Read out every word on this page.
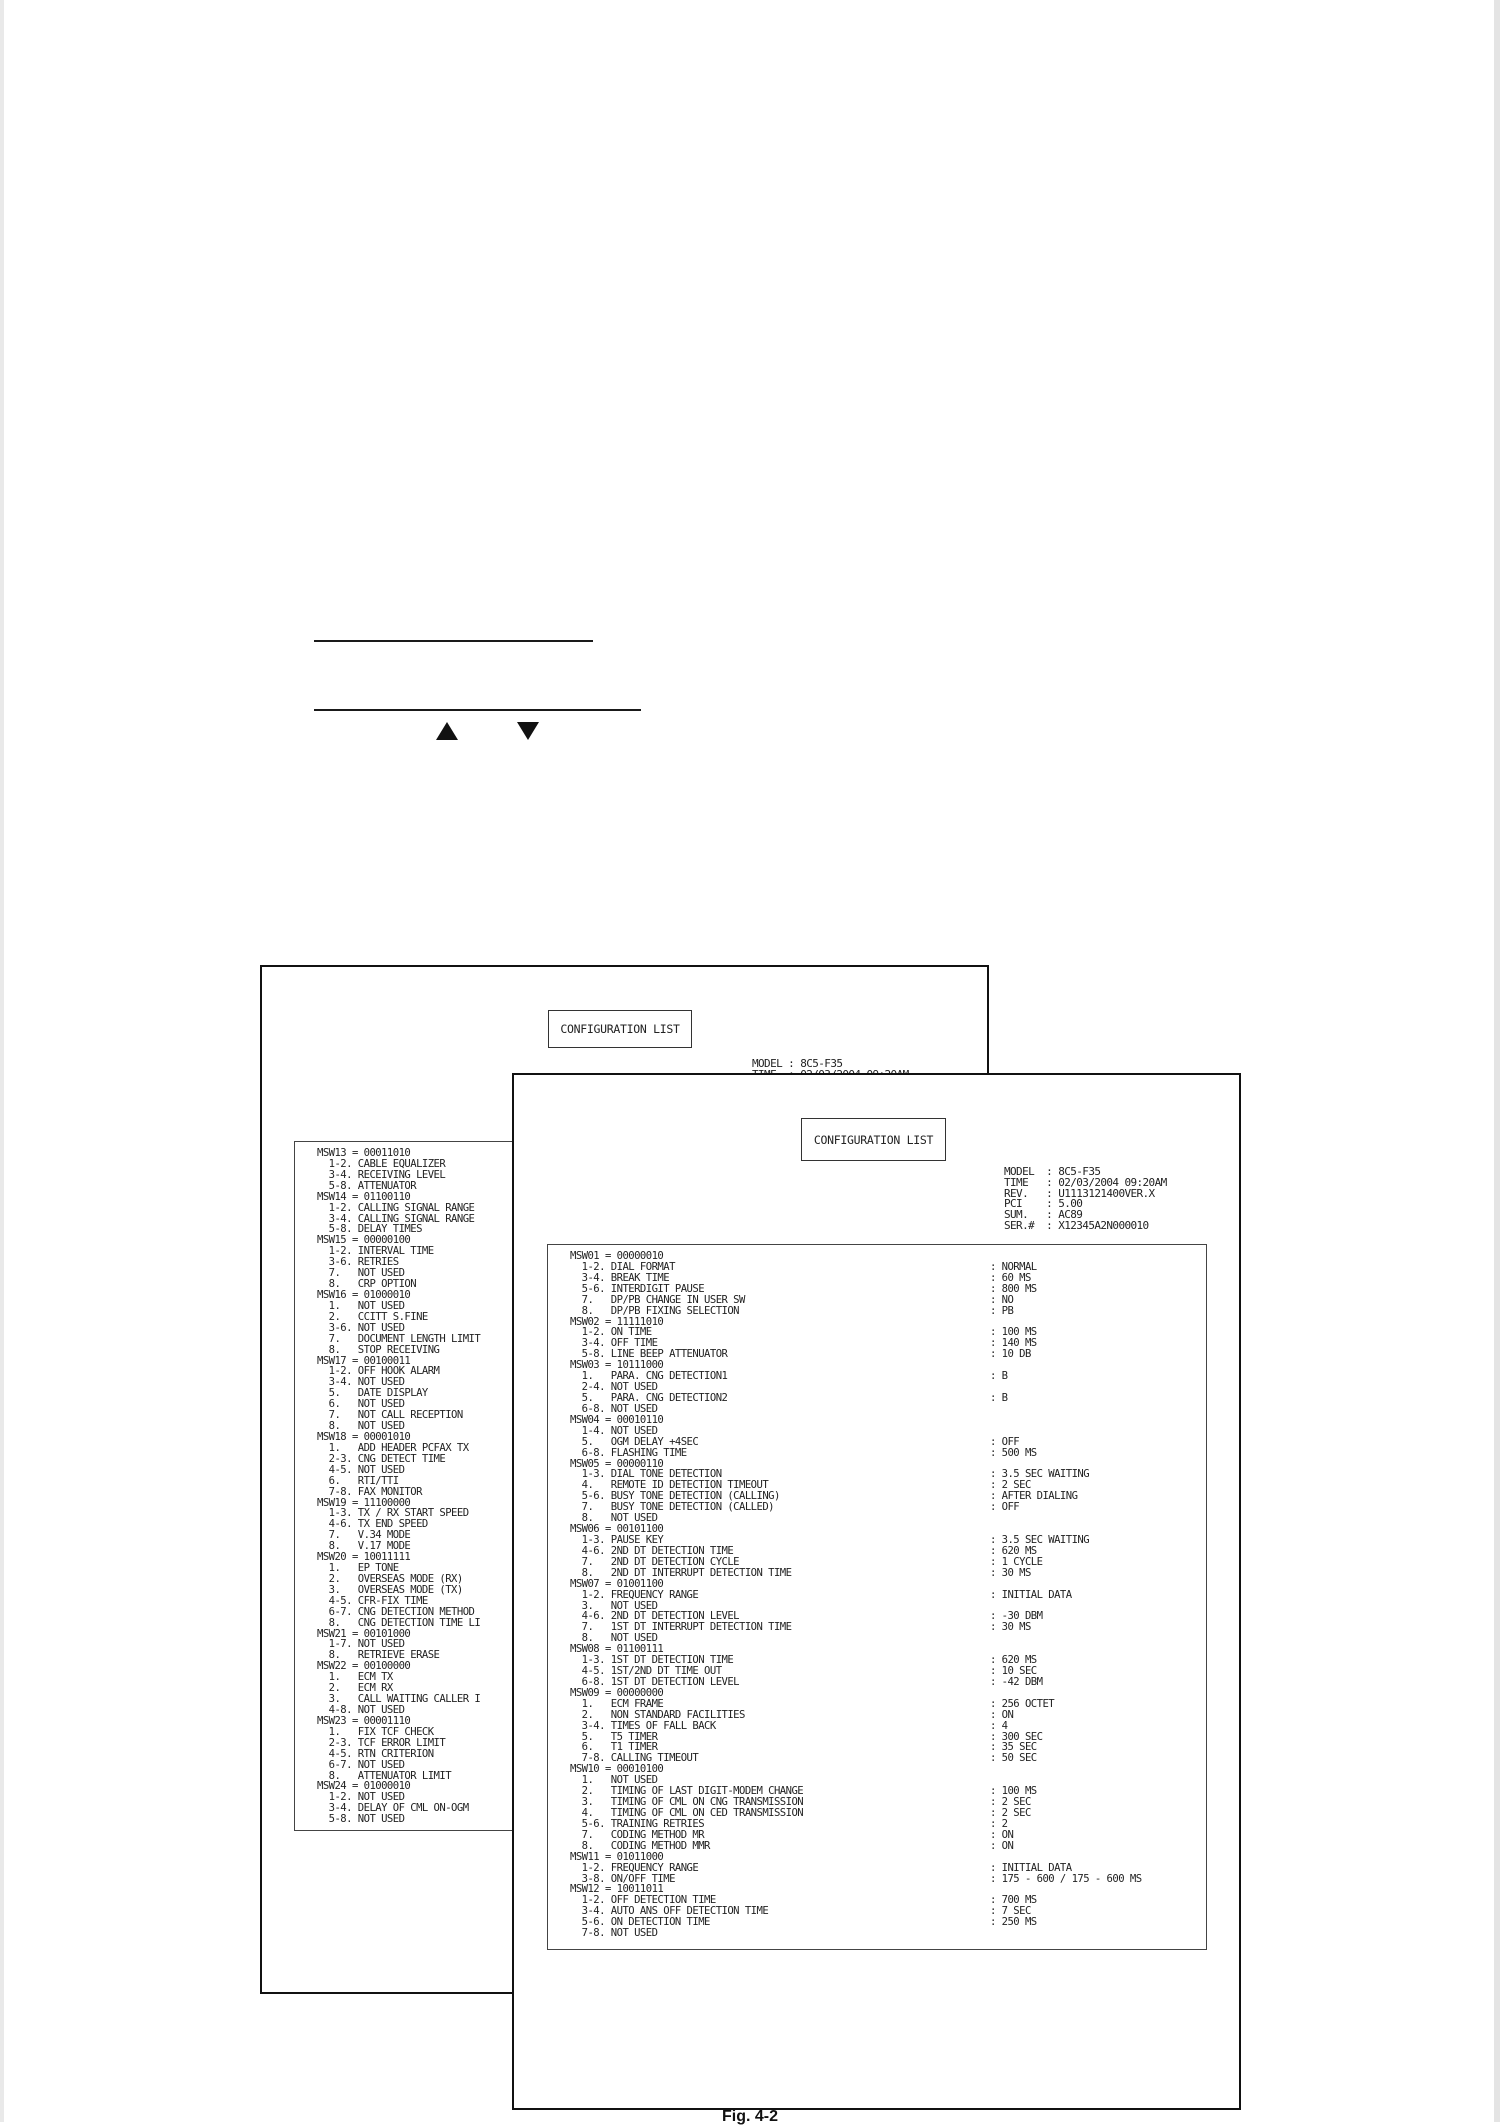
CONFIGURATION LIST
MODEL : 8C5-F35

MSW13 = 00011010
1-2. CABLE EQUALIZER
3-4. RECEIVING LEVEL
5-8. ATTENUATOR
MSW14 = 01100110
1-2. CALLING SIGNAL RANGE
3-4. CALLING SIGNAL RANGE
5-8. DELAY TIMES
MSW15 = 00000100
1-2. INTERVAL TIME
3-6. RETRIES
7.   NOT USED
8.   CRP OPTION
MSW16 = 01000010
1.   NOT USED
2.   CCITT S.FINE
3-6. NOT USED
7.   DOCUMENT LENGTH LIMIT
8.   STOP RECEIVING
MSW17 = 00100011
1-2. OFF HOOK ALARM
3-4. NOT USED
5.   DATE DISPLAY
6.   NOT USED
7.   NOT CALL RECEPTION
8.   NOT USED
MSW18 = 00001010
1.   ADD HEADER PCFAX TX
2-3. CNG DETECT TIME
4-5. NOT USED
6.   RTI/TTI
7-8. FAX MONITOR
MSW19 = 11100000
1-3. TX / RX START SPEED
4-6. TX END SPEED
7.   V.34 MODE
8.   V.17 MODE
MSW20 = 10011111
1.   EP TONE
2.   OVERSEAS MODE (RX)
3.   OVERSEAS MODE (TX)
4-5. CFR-FIX TIME
6-7. CNG DETECTION METHOD
8.   CNG DETECTION TIME LI
MSW21 = 00101000
1-7. NOT USED
8.   RETRIEVE ERASE
MSW22 = 00100000
1.   ECM TX
2.   ECM RX
3.   CALL WAITING CALLER I
4-8. NOT USED
MSW23 = 00001110
1.   FIX TCF CHECK
2-3. TCF ERROR LIMIT
4-5. RTN CRITERION
6-7. NOT USED
8.   ATTENUATOR LIMIT
MSW24 = 01000010
1-2. NOT USED
3-4. DELAY OF CML ON-OGM
5-8. NOT USED
CONFIGURATION LIST
MODEL  : 8C5-F35
TIME   : 02/03/2004 09:20AM
REV.   : U1113121400VER.X
PCI    : 5.00
SUM.   : AC89
SER.#  : X12345A2N000010
MSW01 = 00000010
1-2. DIAL FORMAT	: NORMAL
3-4. BREAK TIME	: 60 MS
5-6. INTERDIGIT PAUSE	: 800 MS
7.   DP/PB CHANGE IN USER SW	: NO
8.   DP/PB FIXING SELECTION	: PB
MSW02 = 11111010
1-2. ON TIME	: 100 MS
3-4. OFF TIME	: 140 MS
5-8. LINE BEEP ATTENUATOR	: 10 DB
MSW03 = 10111000
1.   PARA. CNG DETECTION1	: B
2-4. NOT USED
5.   PARA. CNG DETECTION2	: B
6-8. NOT USED
MSW04 = 00010110
1-4. NOT USED
5.   OGM DELAY +4SEC	: OFF
6-8. FLASHING TIME	: 500 MS
MSW05 = 00000110
1-3. DIAL TONE DETECTION	: 3.5 SEC WAITING
4.   REMOTE ID DETECTION TIMEOUT	: 2 SEC
5-6. BUSY TONE DETECTION (CALLING)	: AFTER DIALING
7.   BUSY TONE DETECTION (CALLED)	: OFF
8.   NOT USED
MSW06 = 00101100
1-3. PAUSE KEY	: 3.5 SEC WAITING
4-6. 2ND DT DETECTION TIME	: 620 MS
7.   2ND DT DETECTION CYCLE	: 1 CYCLE
8.   2ND DT INTERRUPT DETECTION TIME	: 30 MS
MSW07 = 01001100
1-2. FREQUENCY RANGE	: INITIAL DATA
3.   NOT USED
4-6. 2ND DT DETECTION LEVEL	: -30 DBM
7.   1ST DT INTERRUPT DETECTION TIME	: 30 MS
8.   NOT USED
MSW08 = 01100111
1-3. 1ST DT DETECTION TIME	: 620 MS
4-5. 1ST/2ND DT TIME OUT	: 10 SEC
6-8. 1ST DT DETECTION LEVEL	: -42 DBM
MSW09 = 00000000
1.   ECM FRAME	: 256 OCTET
2.   NON STANDARD FACILITIES	: ON
3-4. TIMES OF FALL BACK	: 4
5.   T5 TIMER	: 300 SEC
6.   T1 TIMER	: 35 SEC
7-8. CALLING TIMEOUT	: 50 SEC
MSW10 = 00010100
1.   NOT USED
2.   TIMING OF LAST DIGIT-MODEM CHANGE	: 100 MS
3.   TIMING OF CML ON CNG TRANSMISSION	: 2 SEC
4.   TIMING OF CML ON CED TRANSMISSION	: 2 SEC
5-6. TRAINING RETRIES	: 2
7.   CODING METHOD MR	: ON
8.   CODING METHOD MMR	: ON
MSW11 = 01011000
1-2. FREQUENCY RANGE	: INITIAL DATA
3-8. ON/OFF TIME	: 175 - 600 / 175 - 600 MS
MSW12 = 10011011
1-2. OFF DETECTION TIME	: 700 MS
3-4. AUTO ANS OFF DETECTION TIME	: 7 SEC
5-6. ON DETECTION TIME	: 250 MS
7-8. NOT USED
Fig. 4-2
